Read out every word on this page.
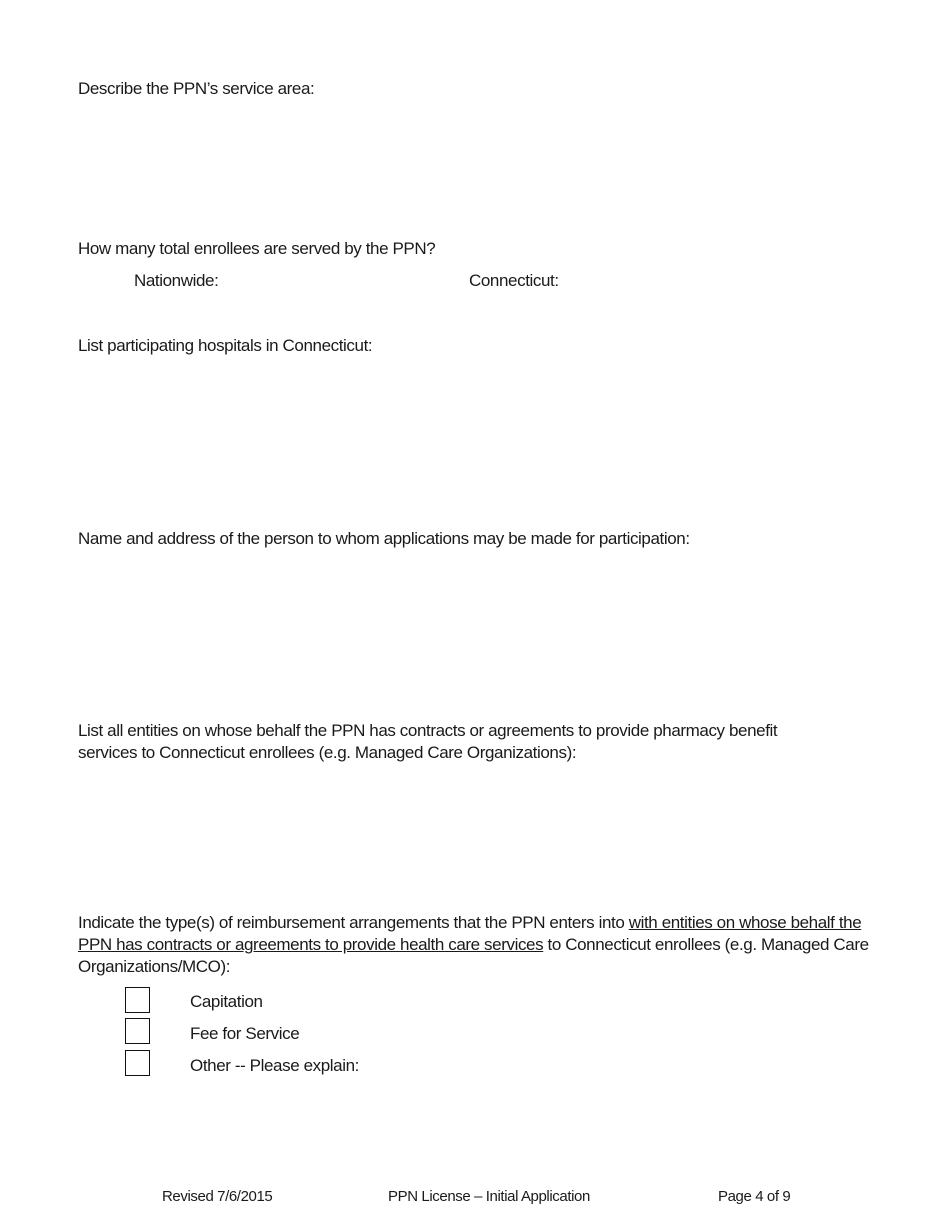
Describe the PPN’s service area:
How many total enrollees are served by the PPN?
Nationwide:	Connecticut:
List participating hospitals in Connecticut:
Name and address of the person to whom applications may be made for participation:
List all entities on whose behalf the PPN has contracts or agreements to provide pharmacy benefit
services to Connecticut enrollees (e.g. Managed Care Organizations):
Indicate the type(s) of reimbursement arrangements that the PPN enters into with entities on whose behalf the PPN has contracts or agreements to provide health care services to Connecticut enrollees (e.g. Managed Care Organizations/MCO):
Capitation
Fee for Service
Other -- Please explain:
Revised 7/6/2015	PPN License – Initial Application	Page 4 of 9
